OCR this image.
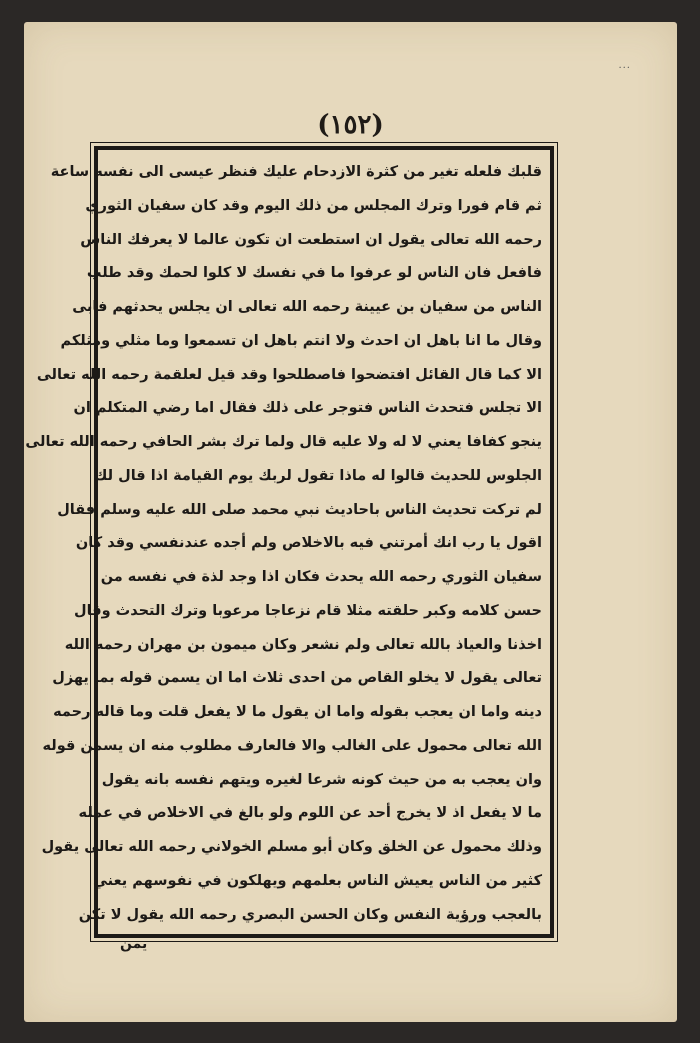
...
(١٥٢)
قلبك فلعله تغير من كثرة الازدحام عليك فنظر عيسى الى نفسه ساعة
ثم قام فورا وترك المجلس من ذلك اليوم وقد كان سفيان الثوري
رحمه الله تعالى يقول ان استطعت ان تكون عالما لا يعرفك الناس
فافعل فان الناس لو عرفوا ما في نفسك لا كلوا لحمك وقد طلب
الناس من سفيان بن عيينة رحمه الله تعالى ان يجلس يحدثهم فابى
وقال ما انا باهل ان احدث ولا انتم باهل ان تسمعوا وما مثلي ومثلكم
الا كما قال القائل افتضحوا فاصطلحوا وقد قيل لعلقمة رحمه الله تعالى
الا تجلس فتحدث الناس فتوجر على ذلك فقال اما رضي المتكلم ان
ينجو كفافا يعني لا له ولا عليه قال ولما ترك بشر الحافي رحمه الله تعالى
الجلوس للحديث قالوا له ماذا تقول لربك يوم القيامة اذا قال لك
لم تركت تحديث الناس باحاديث نبي محمد صلى الله عليه وسلم فقال
اقول يا رب انك أمرتني فيه بالاخلاص ولم أجده عندنفسي وقد كان
سفيان الثوري رحمه الله يحدث فكان اذا وجد لذة في نفسه من
حسن كلامه وكبر حلقته مثلا قام نزعاجا مرعوبا وترك التحدث وقال
اخذنا والعياذ بالله تعالى ولم نشعر وكان ميمون بن مهران رحمه الله
تعالى يقول لا يخلو القاص من احدى ثلاث اما ان يسمن قوله بما يهزل
دينه واما ان يعجب بقوله واما ان يقول ما لا يفعل قلت وما قاله رحمه
الله تعالى محمول على الغالب والا فالعارف مطلوب منه ان يسمن قوله
وان يعجب به من حيث كونه شرعا لغيره ويتهم نفسه بانه يقول
ما لا يفعل اذ لا يخرج أحد عن اللوم ولو بالغ في الاخلاص في عمله
وذلك محمول عن الخلق وكان أبو مسلم الخولاني رحمه الله تعالى يقول
كثير من الناس يعيش الناس بعلمهم ويهلكون في نفوسهم يعني
بالعجب ورؤية النفس وكان الحسن البصري رحمه الله يقول لا تكن
يمن
